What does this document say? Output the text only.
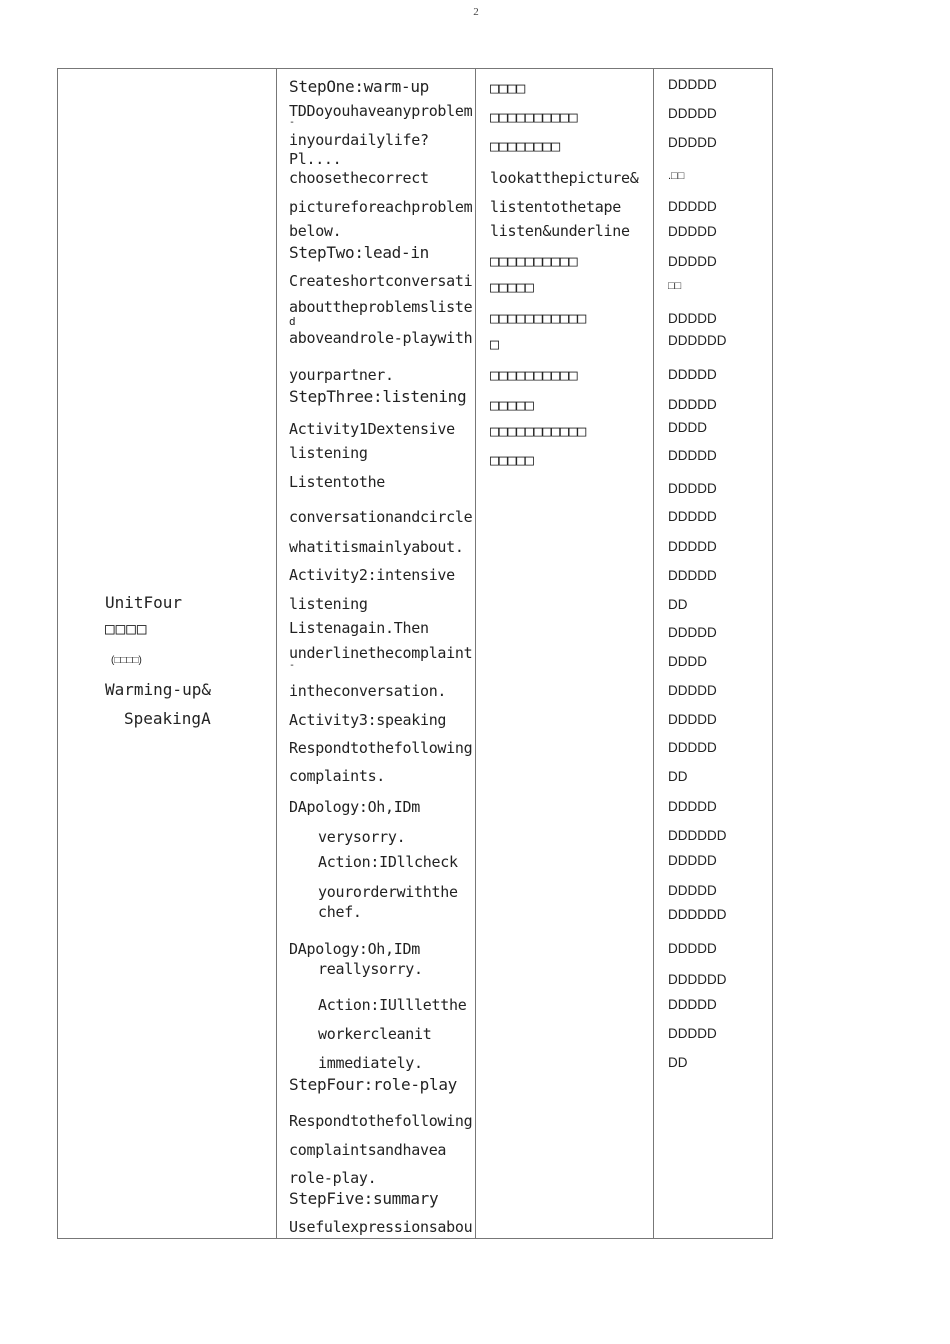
2
UnitFour
□□□□
(□□□□)
Warming-up&
SpeakingA
StepOne:warm-up
TDDoyouhaveanyproblem
-
inyourdailylife?
Pl....
choosethecorrect
pictureforeachproblem
below.
StepTwo:lead-in
Createshortconversati
abouttheproblemsliste
d
aboveandrole-playwith
yourpartner.
StepThree:listening
Activity1Dextensive
listening
Listentothe
conversationandcircle
whatitismainlyabout.
Activity2:intensive
listening
Listenagain.Then
underlinethecomplaint
-
intheconversation.
Activity3:speaking
Respondtothefollowing
complaints.
DApology:Oh,IDm
verysorry.
Action:IDllcheck
yourorderwiththe
chef.
DApology:Oh,IDm
reallysorry.
Action:IUllletthe
workercleanit
immediately.
StepFour:role-play
Respondtothefollowing
complaintsandhavea
role-play.
StepFive:summary
Usefulexpressionsabou
□□□□
□□□□□□□□□□
□□□□□□□□
lookatthepicture&
listentothetape
listen&underline
□□□□□□□□□□
□□□□□
□□□□□□□□□□□
□
□□□□□□□□□□
□□□□□
□□□□□□□□□□□
□□□□□
DDDDD
DDDDD
DDDDD
.□□
DDDDD
DDDDD
DDDDD
□□
DDDDD
DDDDDD
DDDDD
DDDDD
DDDD
DDDDD
DDDDD
DDDDD
DDDDD
DDDDD
DD
DDDDD
DDDD
DDDDD
DDDDD
DDDDD
DD
DDDDD
DDDDDD
DDDDD
DDDDD
DDDDDD
DDDDD
DDDDDD
DDDDD
DDDDD
DD
